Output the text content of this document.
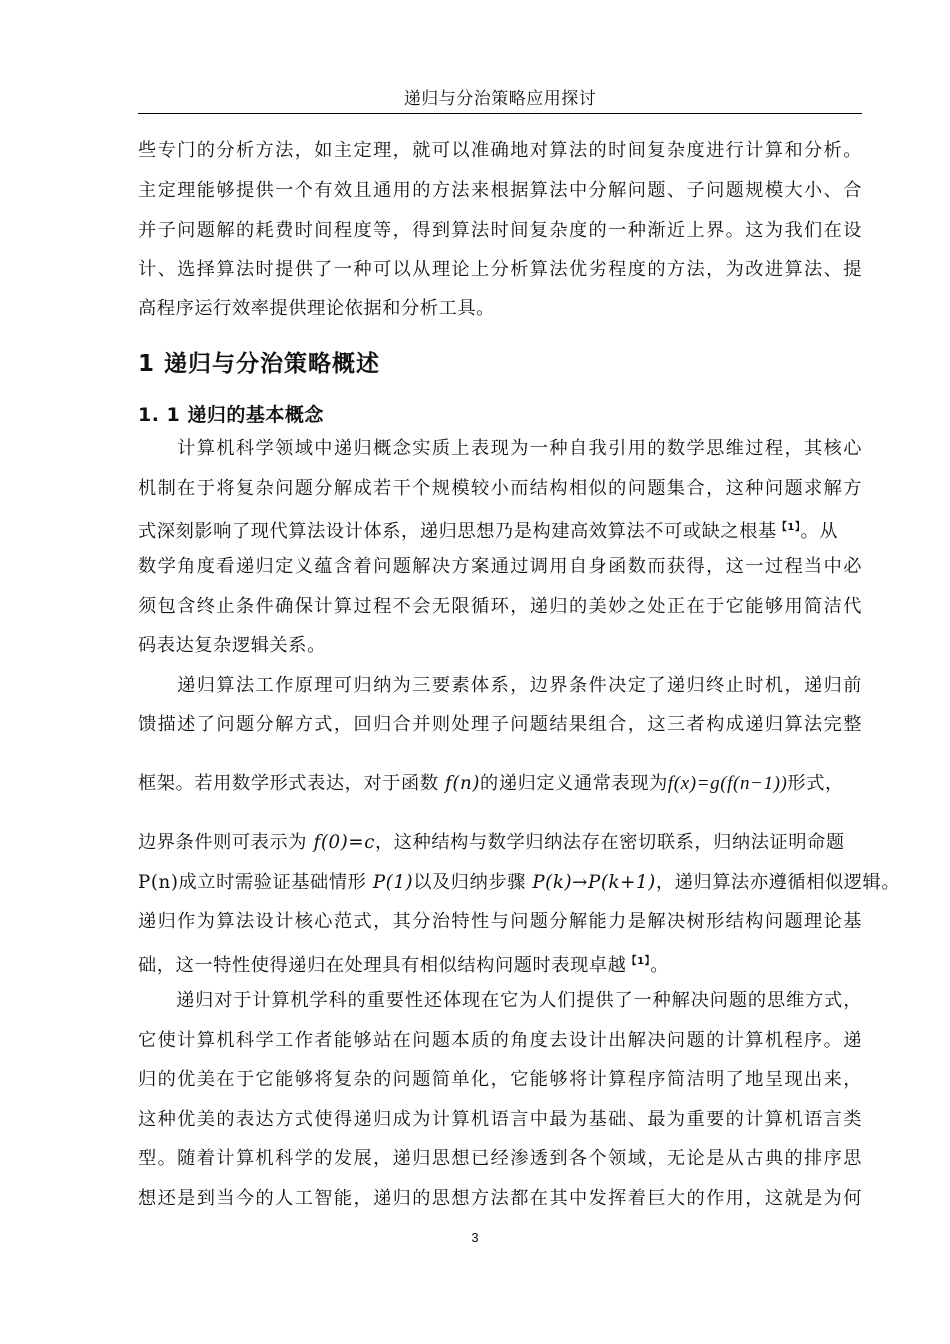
递归与分治策略应用探讨
些专门的分析方法，如主定理，就可以准确地对算法的时间复杂度进行计算和分析。
主定理能够提供一个有效且通用的方法来根据算法中分解问题、子问题规模大小、合
并子问题解的耗费时间程度等，得到算法时间复杂度的一种渐近上界。这为我们在设
计、选择算法时提供了一种可以从理论上分析算法优劣程度的方法，为改进算法、提
高程序运行效率提供理论依据和分析工具。
1 递归与分治策略概述
1. 1 递归的基本概念
　　计算机科学领域中递归概念实质上表现为一种自我引用的数学思维过程，其核心
机制在于将复杂问题分解成若干个规模较小而结构相似的问题集合，这种问题求解方
式深刻影响了现代算法设计体系，递归思想乃是构建高效算法不可或缺之根基$^{【1】}$。从
数学角度看递归定义蕴含着问题解决方案通过调用自身函数而获得，这一过程当中必
须包含终止条件确保计算过程不会无限循环，递归的美妙之处正在于它能够用简洁代
码表达复杂逻辑关系。
　　递归算法工作原理可归纳为三要素体系，边界条件决定了递归终止时机，递归前
馈描述了问题分解方式，回归合并则处理子问题结果组合，这三者构成递归算法完整
框架。若用数学形式表达，对于函数 f(n)的递归定义通常表现为f(x)=g(f(n−1))形式，
边界条件则可表示为 f(0)=c，这种结构与数学归纳法存在密切联系，归纳法证明命题
P(n)成立时需验证基础情形 P(1)以及归纳步骤 P(k)→P(k+1)，递归算法亦遵循相似逻辑。
递归作为算法设计核心范式，其分治特性与问题分解能力是解决树形结构问题理论基
础，这一特性使得递归在处理具有相似结构问题时表现卓越$^{【1】}$。
　　递归对于计算机学科的重要性还体现在它为人们提供了一种解决问题的思维方式，
它使计算机科学工作者能够站在问题本质的角度去设计出解决问题的计算机程序。递
归的优美在于它能够将复杂的问题简单化，它能够将计算程序简洁明了地呈现出来，
这种优美的表达方式使得递归成为计算机语言中最为基础、最为重要的计算机语言类
型。随着计算机科学的发展，递归思想已经渗透到各个领域，无论是从古典的排序思
想还是到当今的人工智能，递归的思想方法都在其中发挥着巨大的作用，这就是为何
3
